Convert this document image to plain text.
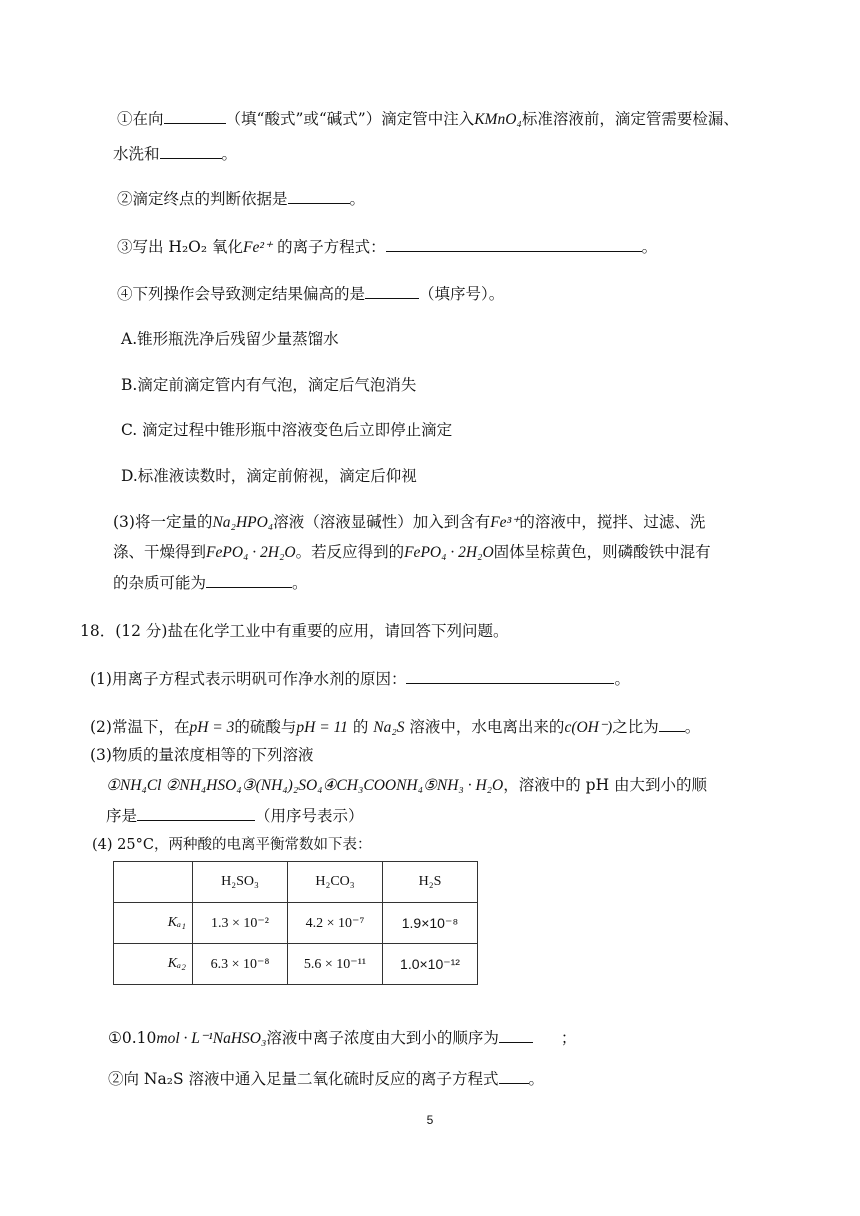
①在向	（填“酸式”或“碱式”）滴定管中注入KMnO₄标准溶液前，滴定管需要检漏、
水洗和	。
②滴定终点的判断依据是	。
③写出 H₂O₂ 氧化Fe²⁺ 的离子方程式：	。
④下列操作会导致测定结果偏高的是	（填序号）。
A.锥形瓶洗净后残留少量蒸馏水
B.滴定前滴定管内有气泡，滴定后气泡消失
C. 滴定过程中锥形瓶中溶液变色后立即停止滴定
D.标准液读数时，滴定前俯视，滴定后仰视
(3)将一定量的Na₂HPO₄溶液（溶液显碱性）加入到含有Fe³⁺的溶液中，搅拌、过滤、洗
涤、干燥得到FePO₄ · 2H₂O。若反应得到的FePO₄ · 2H₂O固体呈棕黄色，则磷酸铁中混有
的杂质可能为	。
18．(12 分)盐在化学工业中有重要的应用，请回答下列问题。
(1)用离子方程式表示明矾可作净水剂的原因：	。
(2)常温下，在pH = 3的硫酸与pH = 11 的 Na₂S 溶液中，水电离出来的c(OH⁻)之比为 。
(3)物质的量浓度相等的下列溶液
①NH₄Cl ②NH₄HSO₄③(NH₄)₂SO₄④CH₃COONH₄⑤NH₃ · H₂O，溶液中的 pH 由大到小的顺
序是	（用序号表示）
(4) 25°C，两种酸的电离平衡常数如下表：
	H₂SO₃	H₂CO₃	H₂S
Kₐ₁	1.3 × 10⁻²	4.2 × 10⁻⁷	1.9×10⁻⁸
Kₐ₂	6.3 × 10⁻⁸	5.6 × 10⁻¹¹	1.0×10⁻¹²
①0.10mol · L⁻¹NaHSO₃溶液中离子浓度由大到小的顺序为	；
②向 Na₂S 溶液中通入足量二氧化硫时反应的离子方程式 。
5
